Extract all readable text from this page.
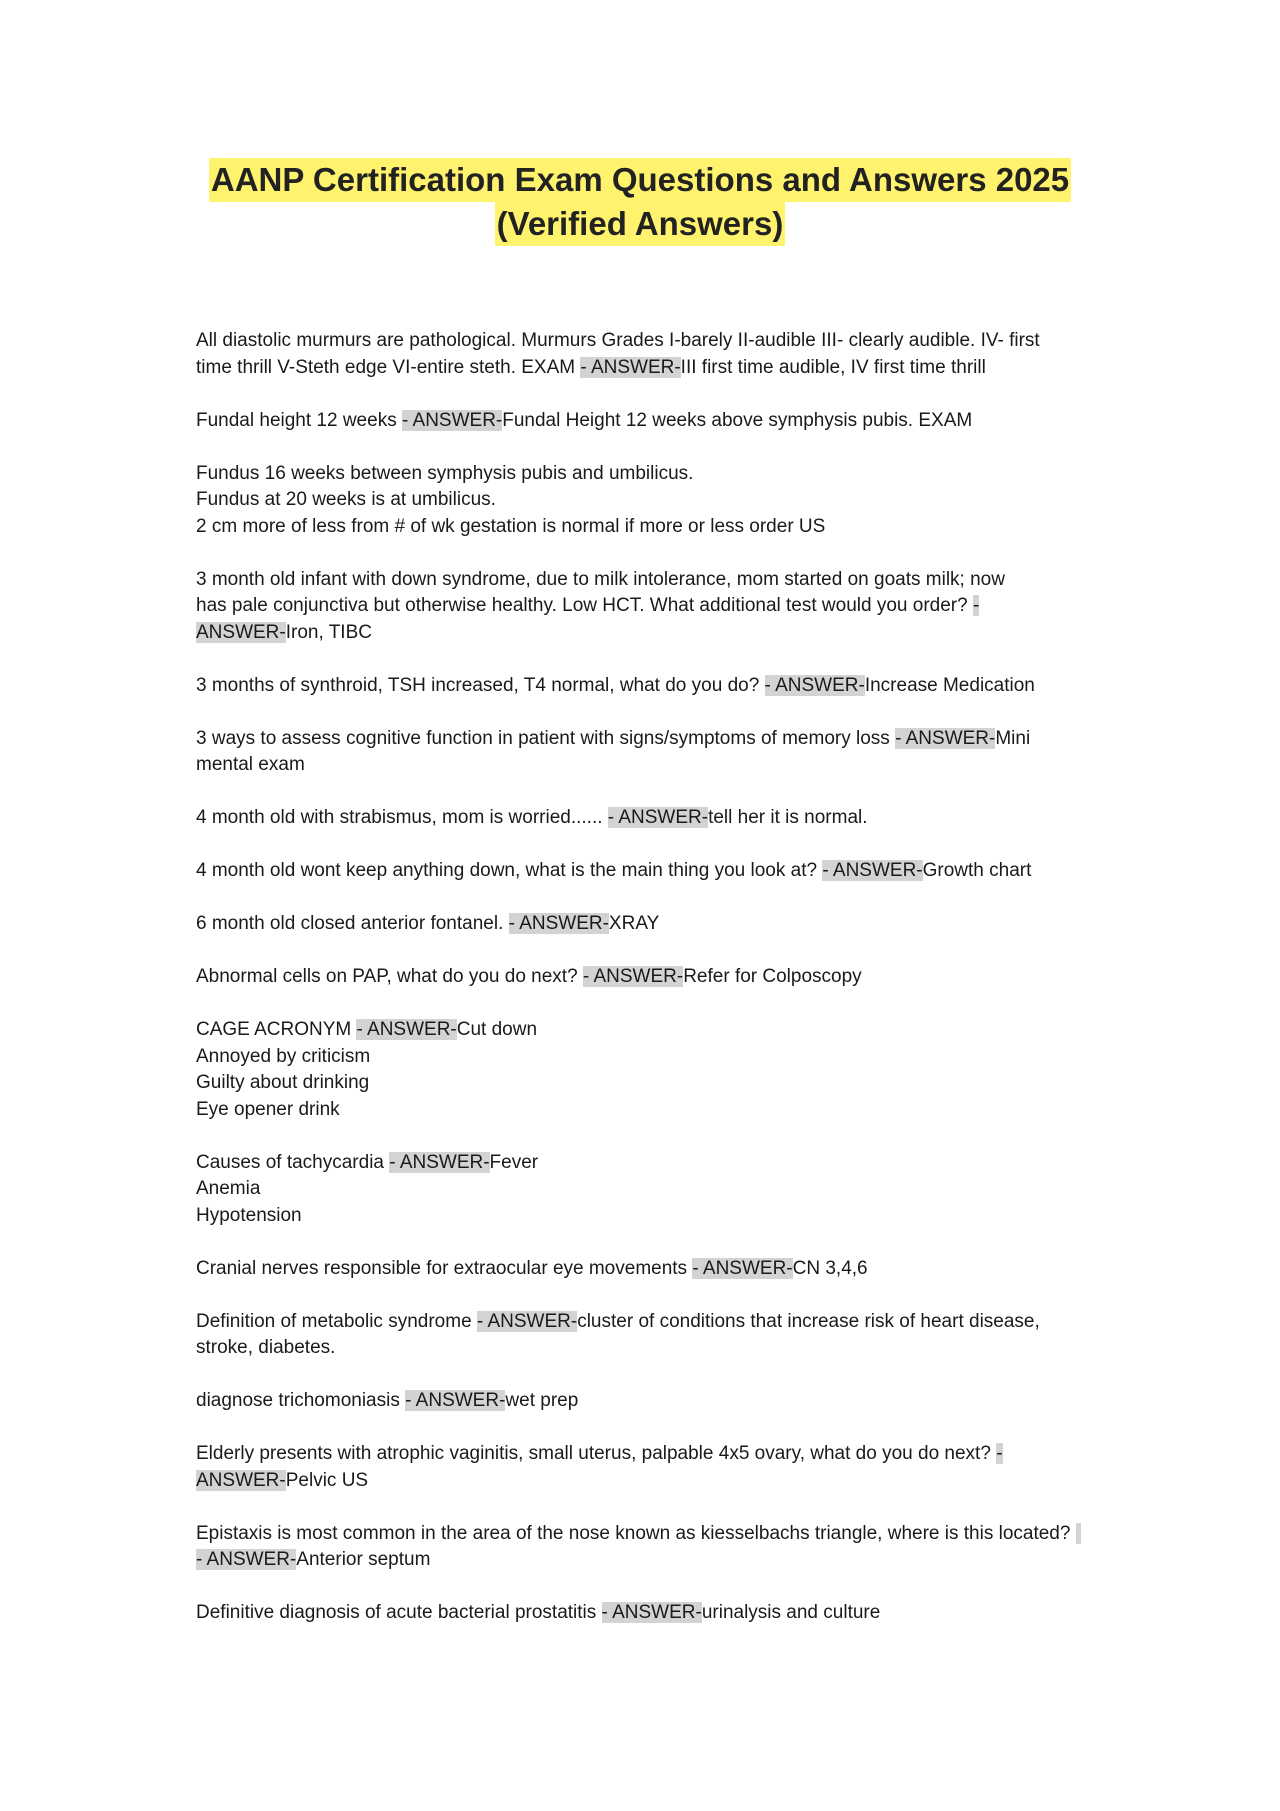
AANP Certification Exam Questions and Answers 2025
(Verified Answers)
All diastolic murmurs are pathological. Murmurs Grades I-barely II-audible III- clearly audible. IV- first
time thrill V-Steth edge VI-entire steth. EXAM - ANSWER-III first time audible, IV first time thrill
Fundal height 12 weeks - ANSWER-Fundal Height 12 weeks above symphysis pubis. EXAM
Fundus 16 weeks between symphysis pubis and umbilicus.
Fundus at 20 weeks is at umbilicus.
2 cm more of less from # of wk gestation is normal if more or less order US
3 month old infant with down syndrome, due to milk intolerance, mom started on goats milk; now
has pale conjunctiva but otherwise healthy. Low HCT. What additional test would you order? -
ANSWER-Iron, TIBC
3 months of synthroid, TSH increased, T4 normal, what do you do? - ANSWER-Increase Medication
3 ways to assess cognitive function in patient with signs/symptoms of memory loss - ANSWER-Mini
mental exam
4 month old with strabismus, mom is worried...... - ANSWER-tell her it is normal.
4 month old wont keep anything down, what is the main thing you look at? - ANSWER-Growth chart
6 month old closed anterior fontanel. - ANSWER-XRAY
Abnormal cells on PAP, what do you do next? - ANSWER-Refer for Colposcopy
CAGE ACRONYM - ANSWER-Cut down
Annoyed by criticism
Guilty about drinking
Eye opener drink
Causes of tachycardia - ANSWER-Fever
Anemia
Hypotension
Cranial nerves responsible for extraocular eye movements - ANSWER-CN 3,4,6
Definition of metabolic syndrome - ANSWER-cluster of conditions that increase risk of heart disease,
stroke, diabetes.
diagnose trichomoniasis - ANSWER-wet prep
Elderly presents with atrophic vaginitis, small uterus, palpable 4x5 ovary, what do you do next? -
ANSWER-Pelvic US
Epistaxis is most common in the area of the nose known as kiesselbachs triangle, where is this located?
- ANSWER-Anterior septum
Definitive diagnosis of acute bacterial prostatitis - ANSWER-urinalysis and culture
